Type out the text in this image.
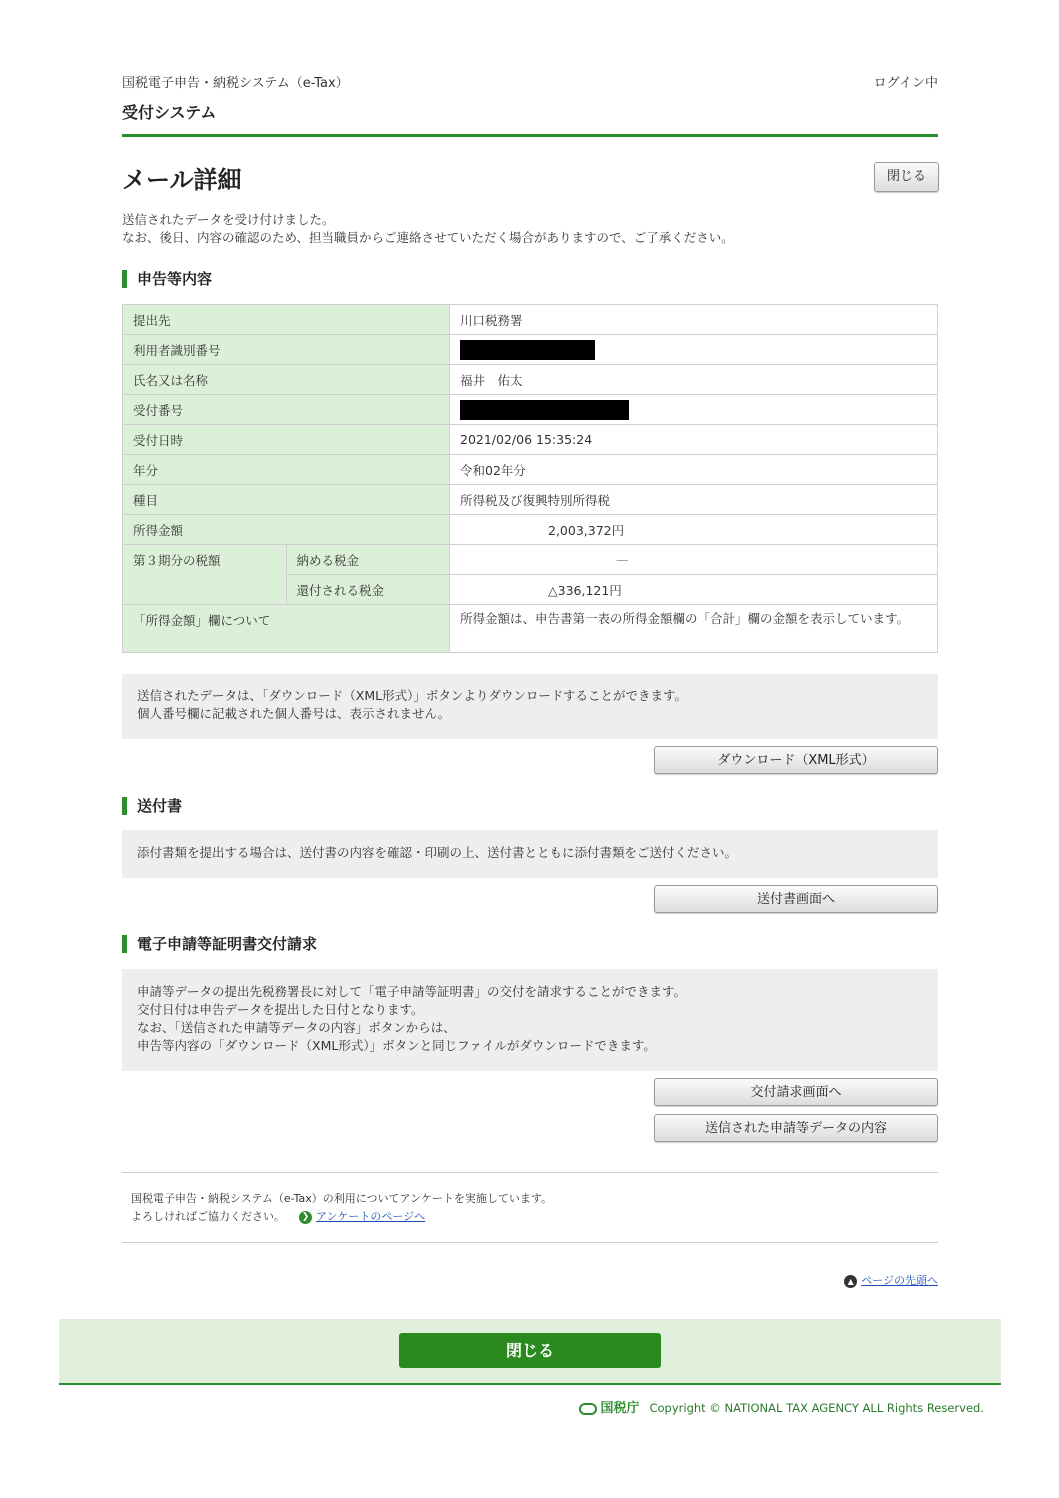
国税電子申告・納税システム（e-Tax）	ログイン中
受付システム
メール詳細	閉じる
送信されたデータを受け付けました。
なお、後日、内容の確認のため、担当職員からご連絡させていただく場合がありますので、ご了承ください。
申告等内容
提出先		川口税務署
利用者識別番号		
氏名又は名称		福井　佑太
受付番号		
受付日時		2021/02/06 15:35:24
年分		令和02年分
種目		所得税及び復興特別所得税
所得金額		2,003,372円
第３期分の税額	納める税金	—
	還付される税金	△336,121円
「所得金額」欄について		所得金額は、申告書第一表の所得金額欄の「合計」欄の金額を表示しています。
送信されたデータは、「ダウンロード（XML形式）」ボタンよりダウンロードすることができます。
個人番号欄に記載された個人番号は、表示されません。
ダウンロード（XML形式）
送付書
添付書類を提出する場合は、送付書の内容を確認・印刷の上、送付書とともに添付書類をご送付ください。
送付書画面へ
電子申請等証明書交付請求
申請等データの提出先税務署長に対して「電子申請等証明書」の交付を請求することができます。
交付日付は申告データを提出した日付となります。
なお、「送信された申請等データの内容」ボタンからは、
申告等内容の「ダウンロード（XML形式）」ボタンと同じファイルがダウンロードできます。
交付請求画面へ
送信された申請等データの内容
国税電子申告・納税システム（e-Tax）の利用についてアンケートを実施しています。
よろしければご協力ください。 ❯ アンケートのページへ
▲ ページの先頭へ
閉じる
国税庁 Copyright © NATIONAL TAX AGENCY ALL Rights Reserved.
